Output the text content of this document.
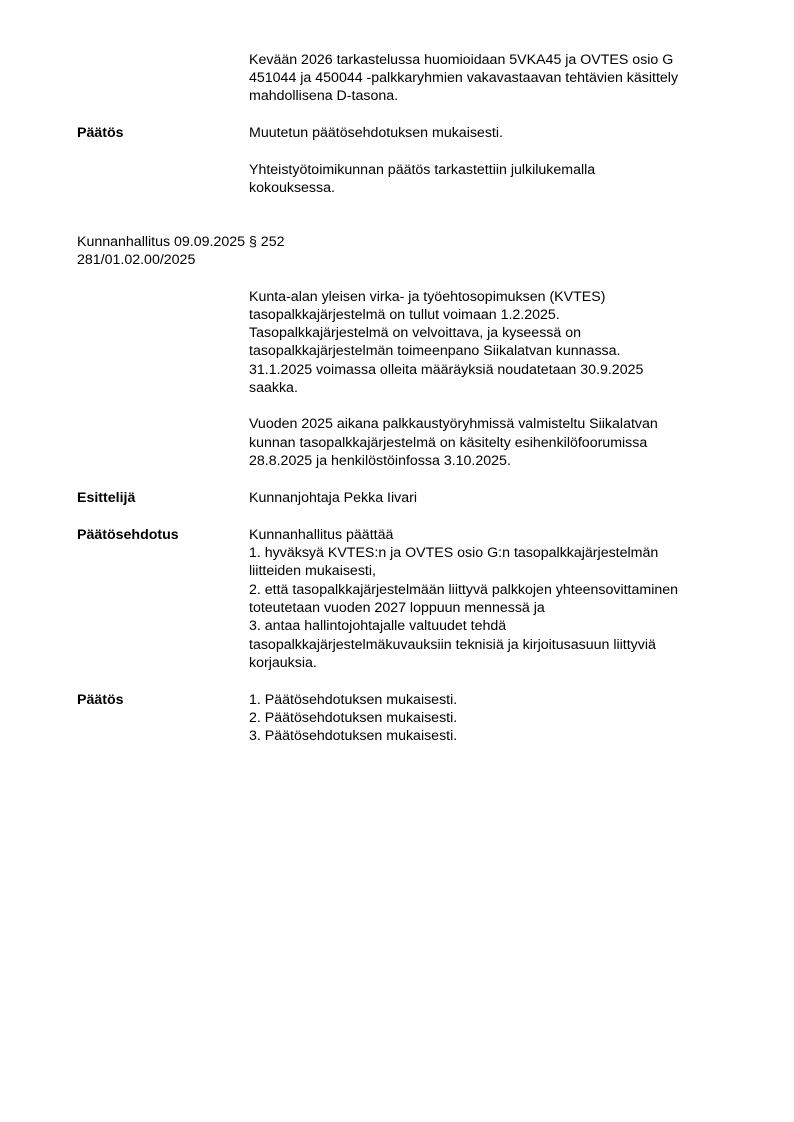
Kevään 2026 tarkastelussa huomioidaan 5VKA45 ja OVTES osio G
451044 ja 450044 -palkkaryhmien vakavastaavan tehtävien käsittely
mahdollisena D-tasona.
Päätös	Muutetun päätösehdotuksen mukaisesti.
Yhteistyötoimikunnan päätös tarkastettiin julkilukemalla
kokouksessa.
Kunnanhallitus 09.09.2025 § 252
281/01.02.00/2025
Kunta-alan yleisen virka- ja työehtosopimuksen (KVTES)
tasopalkkajärjestelmä on tullut voimaan 1.2.2025.
Tasopalkkajärjestelmä on velvoittava, ja kyseessä on
tasopalkkajärjestelmän toimeenpano Siikalatvan kunnassa.
31.1.2025 voimassa olleita määräyksiä noudatetaan 30.9.2025
saakka.
Vuoden 2025 aikana palkkaustyöryhmissä valmisteltu Siikalatvan
kunnan tasopalkkajärjestelmä on käsitelty esihenkilöfoorumissa
28.8.2025 ja henkilöstöinfossa 3.10.2025.
Esittelijä	Kunnanjohtaja Pekka Iivari
Päätösehdotus	Kunnanhallitus päättää
1. hyväksyä KVTES:n ja OVTES osio G:n tasopalkkajärjestelmän
liitteiden mukaisesti,
2. että tasopalkkajärjestelmään liittyvä palkkojen yhteensovittaminen
toteutetaan vuoden 2027 loppuun mennessä ja
3. antaa hallintojohtajalle valtuudet tehdä
tasopalkkajärjestelmäkuvauksiin teknisiä ja kirjoitusasuun liittyviä
korjauksia.
Päätös	1. Päätösehdotuksen mukaisesti.
2. Päätösehdotuksen mukaisesti.
3. Päätösehdotuksen mukaisesti.
